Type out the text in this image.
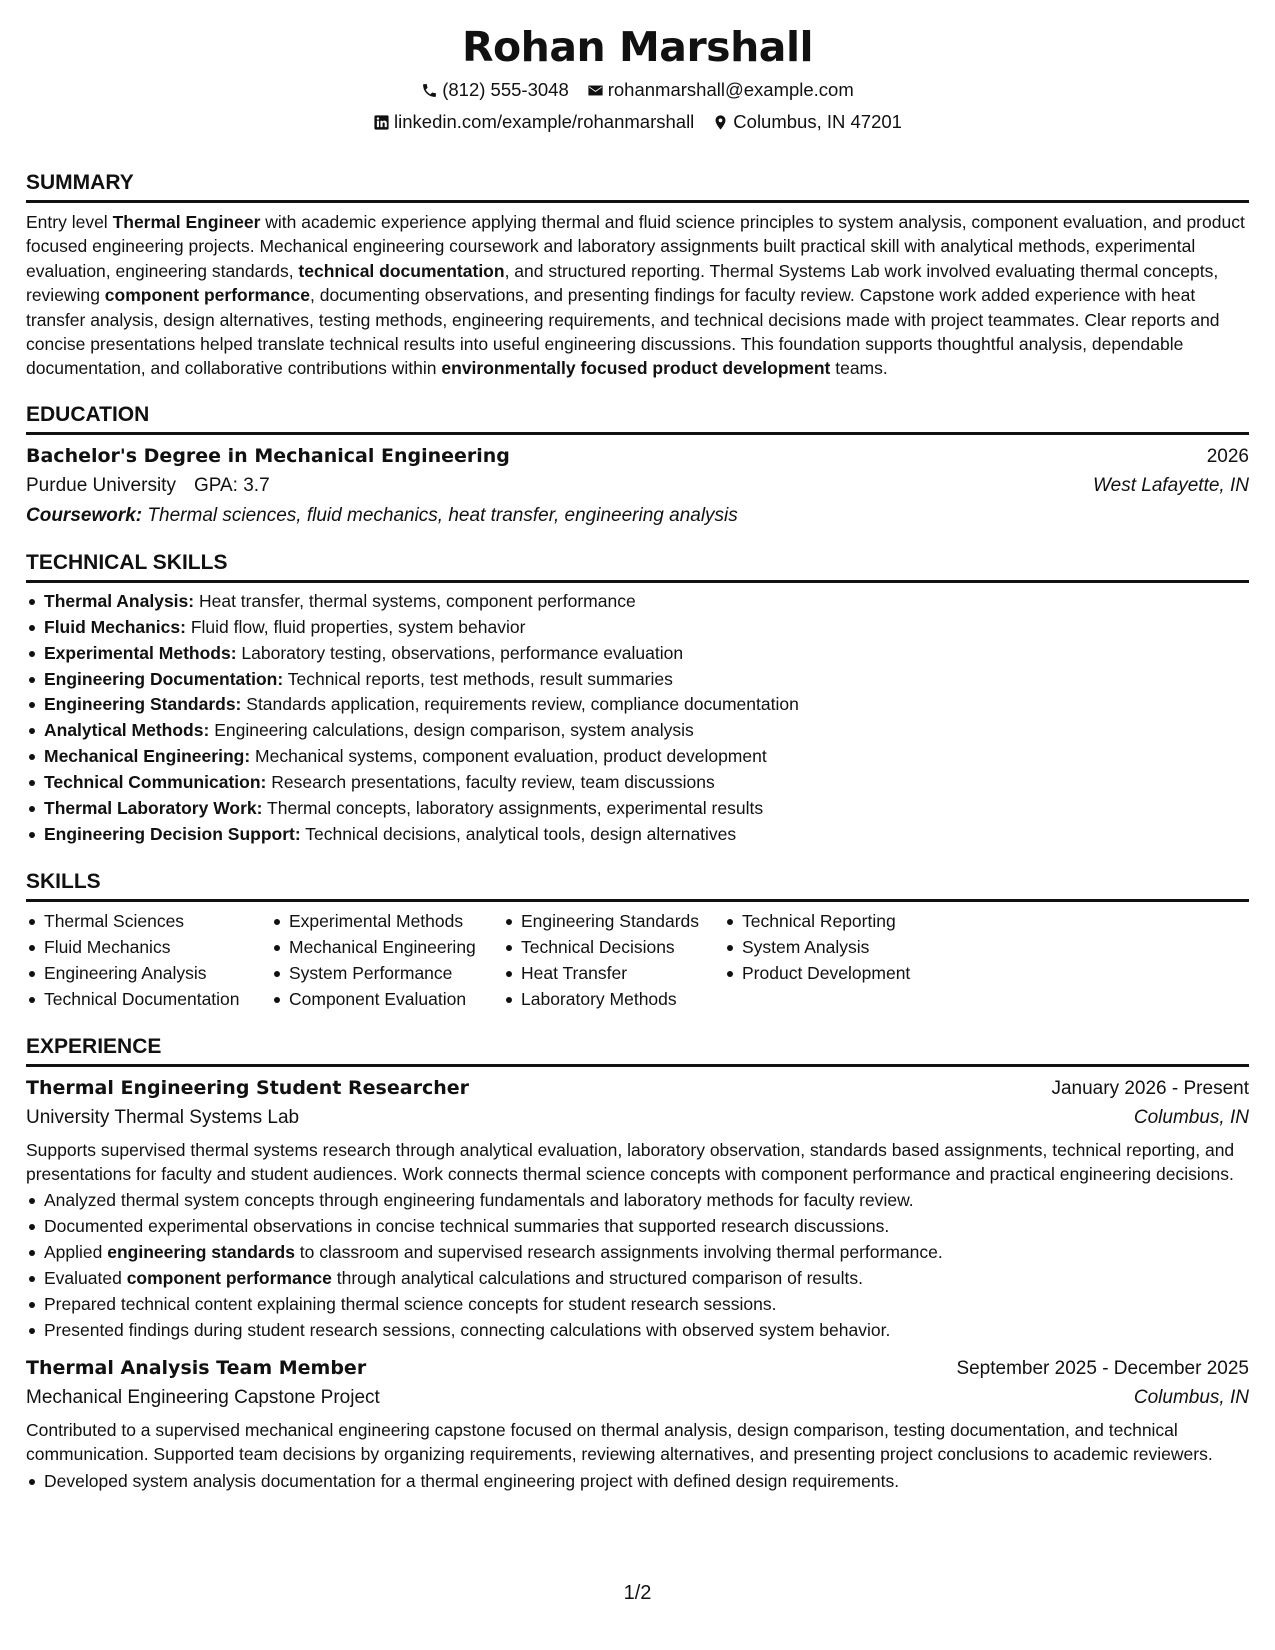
Rohan Marshall
(812) 555-3048 rohanmarshall@example.com
linkedin.com/example/rohanmarshall Columbus, IN 47201
SUMMARY

Entry level Thermal Engineer with academic experience applying thermal and fluid science principles to system analysis, component evaluation, and product focused engineering projects. Mechanical engineering coursework and laboratory assignments built practical skill with analytical methods, experimental evaluation, engineering standards, technical documentation, and structured reporting. Thermal Systems Lab work involved evaluating thermal concepts, reviewing component performance, documenting observations, and presenting findings for faculty review. Capstone work added experience with heat transfer analysis, design alternatives, testing methods, engineering requirements, and technical decisions made with project teammates. Clear reports and concise presentations helped translate technical results into useful engineering discussions. This foundation supports thoughtful analysis, dependable documentation, and collaborative contributions within environmentally focused product development teams.

EDUCATION
Bachelor's Degree in Mechanical Engineering	2026
Purdue University GPA: 3.7	West Lafayette, IN
Coursework: Thermal sciences, fluid mechanics, heat transfer, engineering analysis
TECHNICAL SKILLS
Thermal Analysis: Heat transfer, thermal systems, component performance
Fluid Mechanics: Fluid flow, fluid properties, system behavior
Experimental Methods: Laboratory testing, observations, performance evaluation
Engineering Documentation: Technical reports, test methods, result summaries
Engineering Standards: Standards application, requirements review, compliance documentation
Analytical Methods: Engineering calculations, design comparison, system analysis
Mechanical Engineering: Mechanical systems, component evaluation, product development
Technical Communication: Research presentations, faculty review, team discussions
Thermal Laboratory Work: Thermal concepts, laboratory assignments, experimental results
Engineering Decision Support: Technical decisions, analytical tools, design alternatives
SKILLS
Thermal Sciences
Fluid Mechanics
Engineering Analysis
Technical Documentation
Experimental Methods
Mechanical Engineering
System Performance
Component Evaluation
Engineering Standards
Technical Decisions
Heat Transfer
Laboratory Methods
Technical Reporting
System Analysis
Product Development
EXPERIENCE
Thermal Engineering Student Researcher	January 2026 - Present
University Thermal Systems Lab	Columbus, IN

Supports supervised thermal systems research through analytical evaluation, laboratory observation, standards based assignments, technical reporting, and presentations for faculty and student audiences. Work connects thermal science concepts with component performance and practical engineering decisions.

Analyzed thermal system concepts through engineering fundamentals and laboratory methods for faculty review.
Documented experimental observations in concise technical summaries that supported research discussions.
Applied engineering standards to classroom and supervised research assignments involving thermal performance.
Evaluated component performance through analytical calculations and structured comparison of results.
Prepared technical content explaining thermal science concepts for student research sessions.
Presented findings during student research sessions, connecting calculations with observed system behavior.
Thermal Analysis Team Member	September 2025 - December 2025
Mechanical Engineering Capstone Project	Columbus, IN

Contributed to a supervised mechanical engineering capstone focused on thermal analysis, design comparison, testing documentation, and technical communication. Supported team decisions by organizing requirements, reviewing alternatives, and presenting project conclusions to academic reviewers.

Developed system analysis documentation for a thermal engineering project with defined design requirements.
1/2
